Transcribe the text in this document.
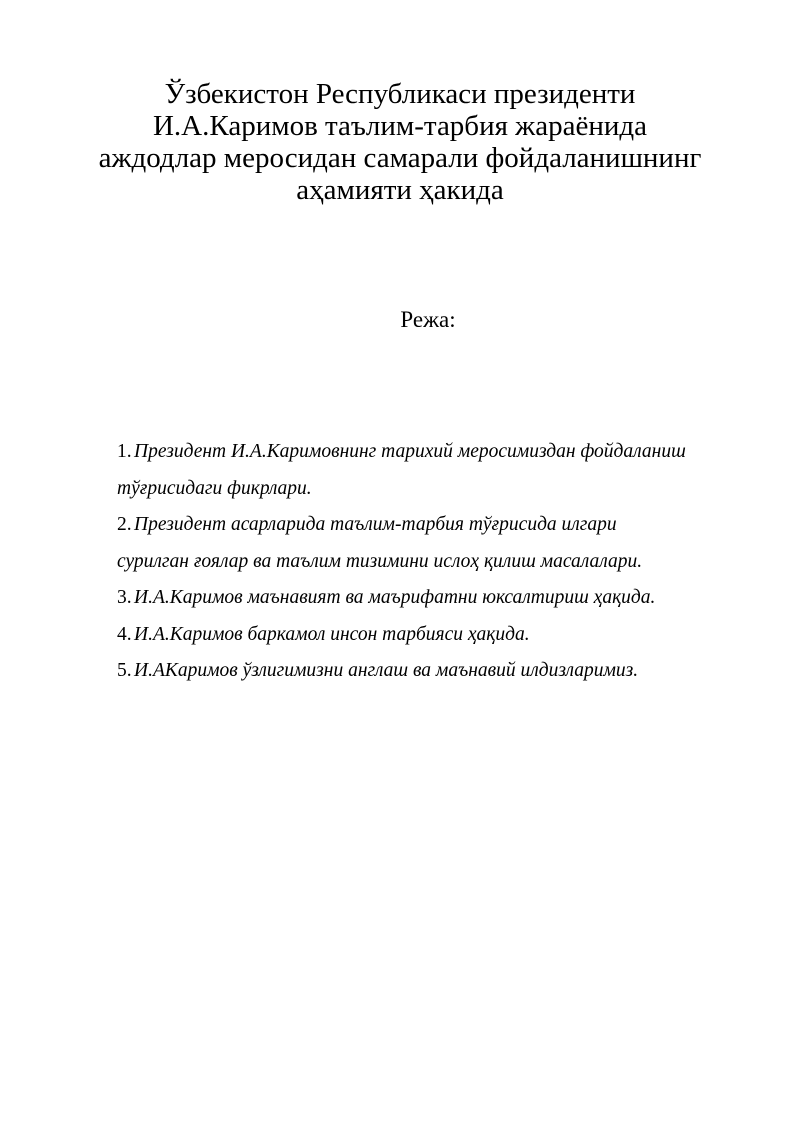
Ўзбекистон Республикаси президенти
И.А.Каримов таълим-тарбия жараёнида
аждодлар меросидан самарали фойдаланишнинг
аҳамияти ҳакида

Режа:

1. Президент И.А.Каримовнинг тарихий меросимиздан фойдаланиш
тўғрисидаги фикрлари.
2. Президент асарларида таълим-тарбия тўғрисида илгари
сурилган ғоялар ва таълим тизимини ислоҳ қилиш масалалари.
3. И.А.Каримов маънавият ва маърифатни юксалтириш ҳақида.
4. И.А.Каримов баркамол инсон тарбияси ҳақида.
5. И.АКаримов ўзлигимизни англаш ва маънавий илдизларимиз.
